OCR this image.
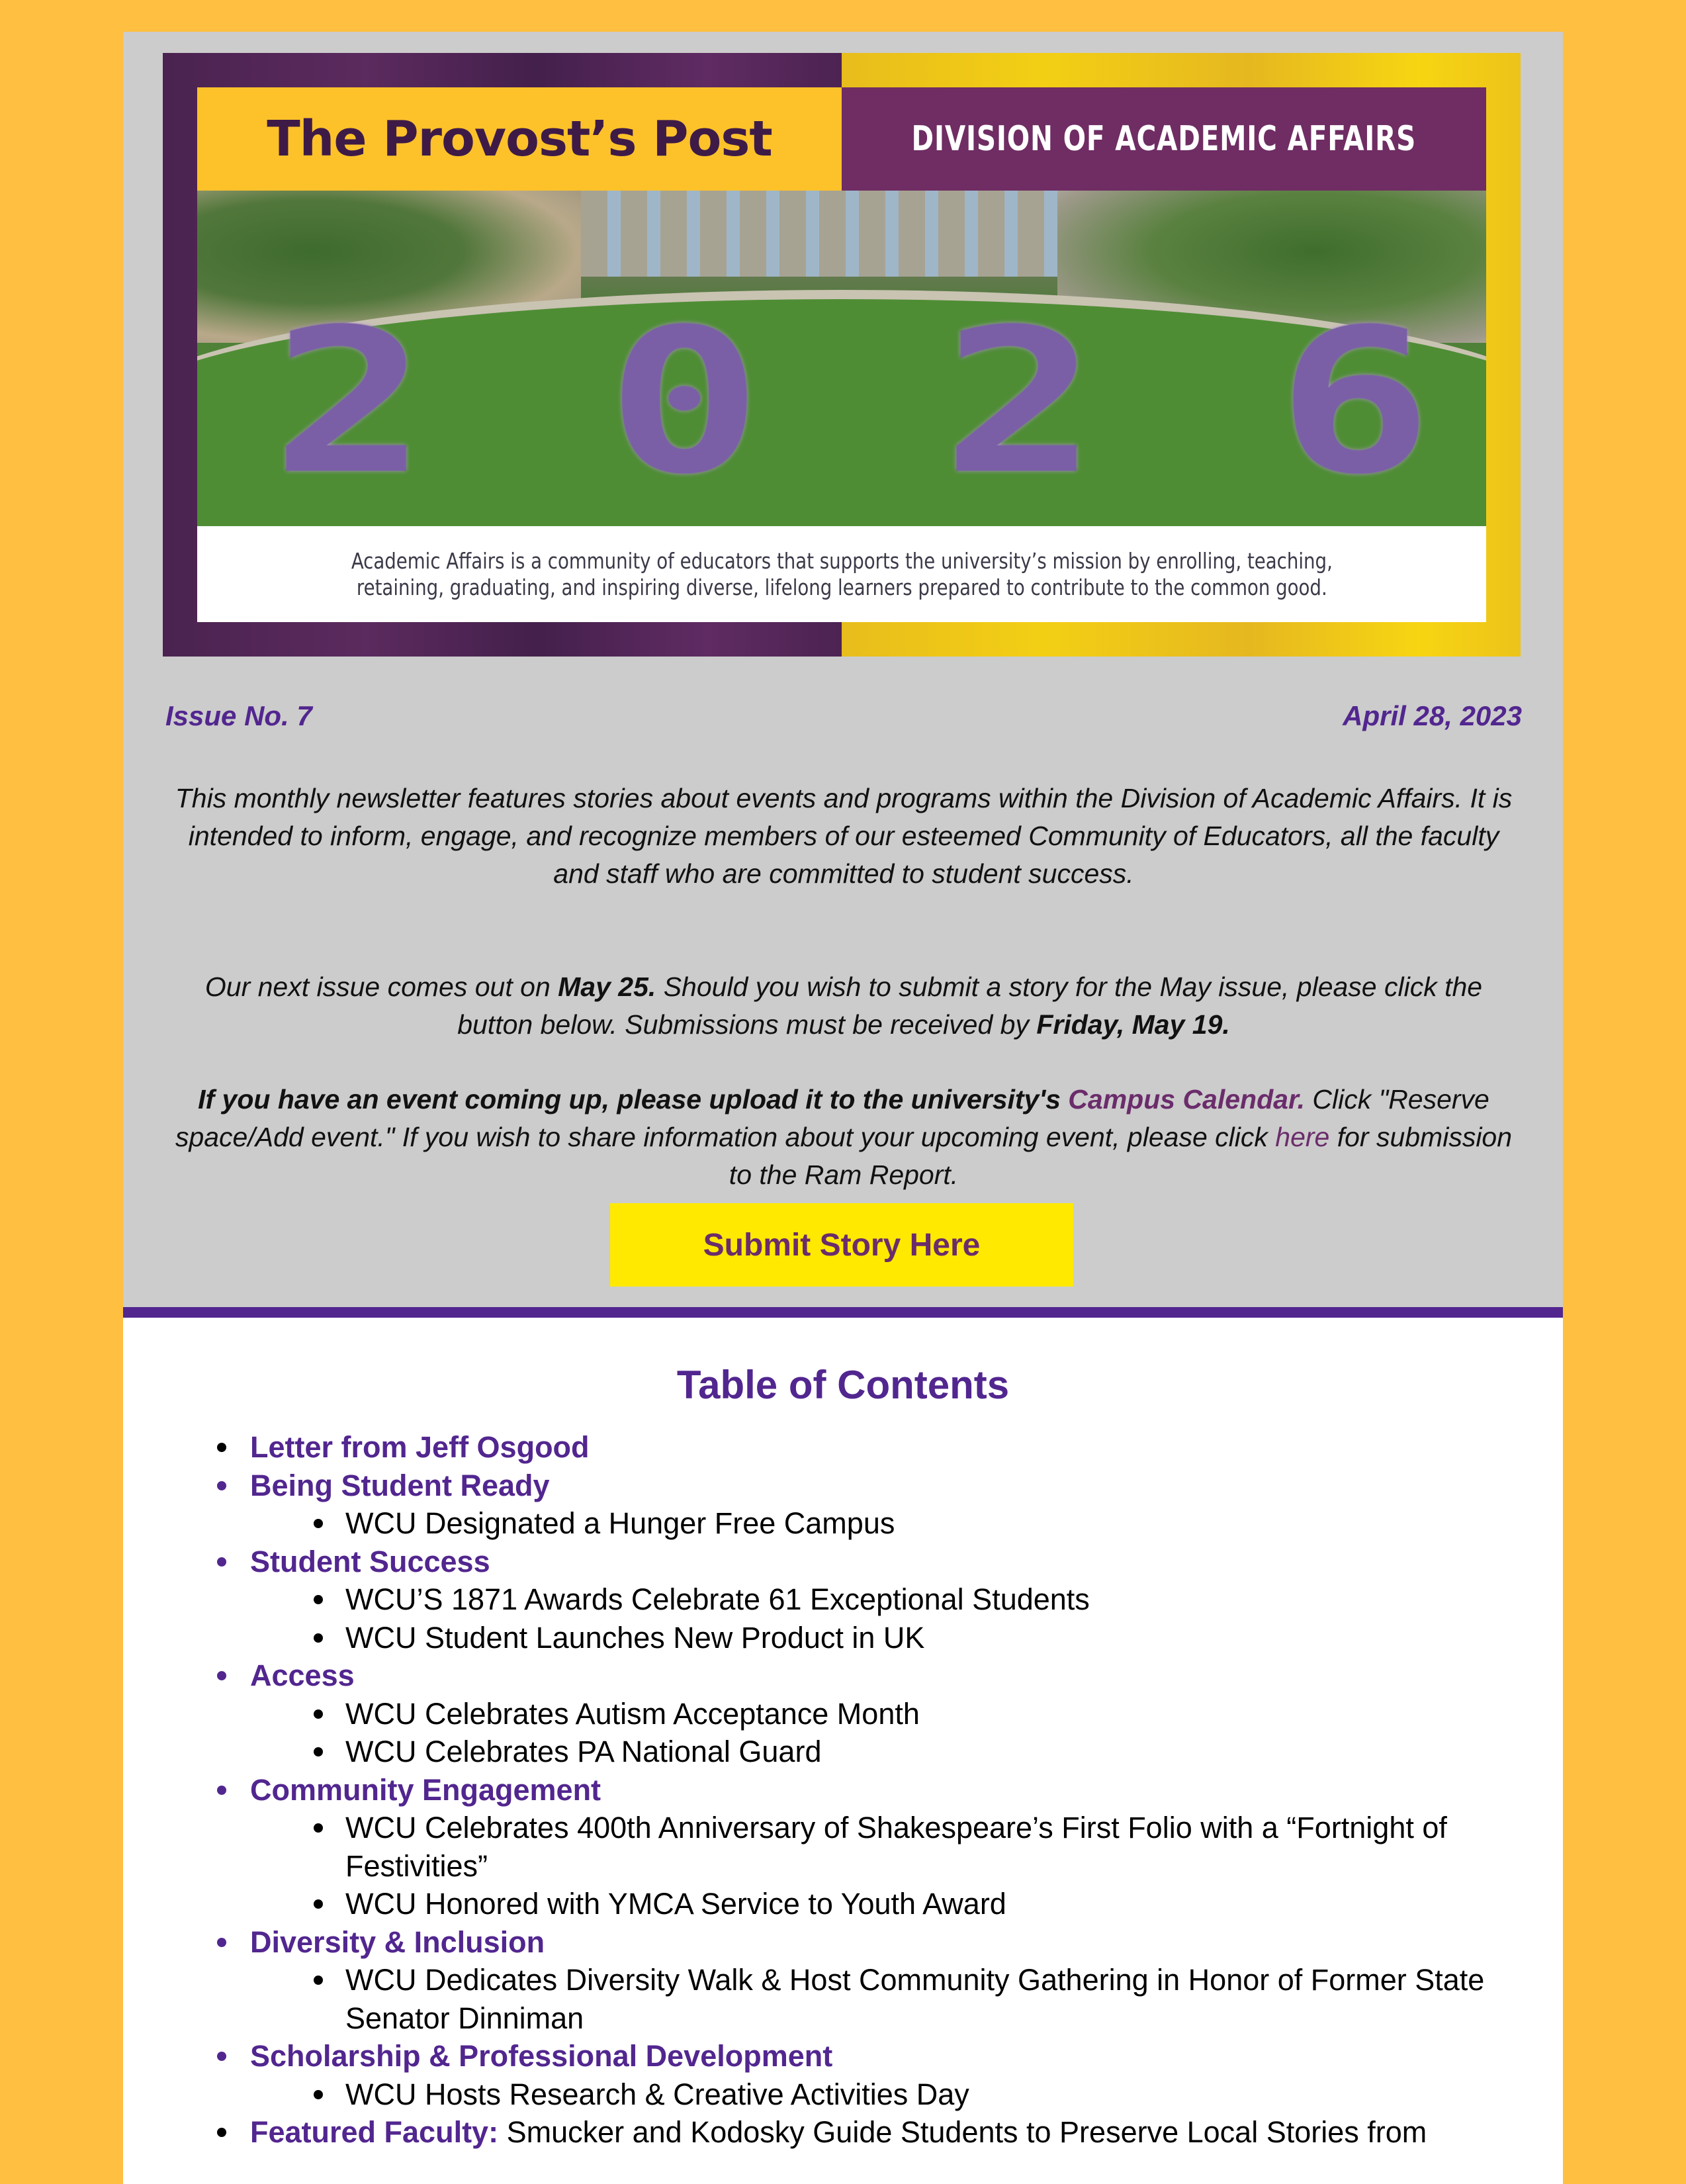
The Provost’s Post	DIVISION OF ACADEMIC AFFAIRS
2 0 2 6

Academic Affairs is a community of educators that supports the university’s mission by enrolling, teaching,
retaining, graduating, and inspiring diverse, lifelong learners prepared to contribute to the common good.

Issue No. 7	April 28, 2023

This monthly newsletter features stories about events and programs within the Division of Academic Affairs. It is intended to inform, engage, and recognize members of our esteemed Community of Educators, all the faculty and staff who are committed to student success.

Our next issue comes out on May 25. Should you wish to submit a story for the May issue, please click the button below. Submissions must be received by Friday, May 19.

If you have an event coming up, please upload it to the university's Campus Calendar. Click "Reserve space/Add event." If you wish to share information about your upcoming event, please click here for submission to the Ram Report.

Submit Story Here
Table of Contents
Letter from Jeff Osgood
Being Student Ready
WCU Designated a Hunger Free Campus
Student Success
WCU’S 1871 Awards Celebrate 61 Exceptional Students
WCU Student Launches New Product in UK
Access
WCU Celebrates Autism Acceptance Month
WCU Celebrates PA National Guard
Community Engagement
WCU Celebrates 400th Anniversary of Shakespeare’s First Folio with a “Fortnight of Festivities”
WCU Honored with YMCA Service to Youth Award
Diversity & Inclusion
WCU Dedicates Diversity Walk & Host Community Gathering in Honor of Former State Senator Dinniman
Scholarship & Professional Development
WCU Hosts Research & Creative Activities Day
Featured Faculty: Smucker and Kodosky Guide Students to Preserve Local Stories from
